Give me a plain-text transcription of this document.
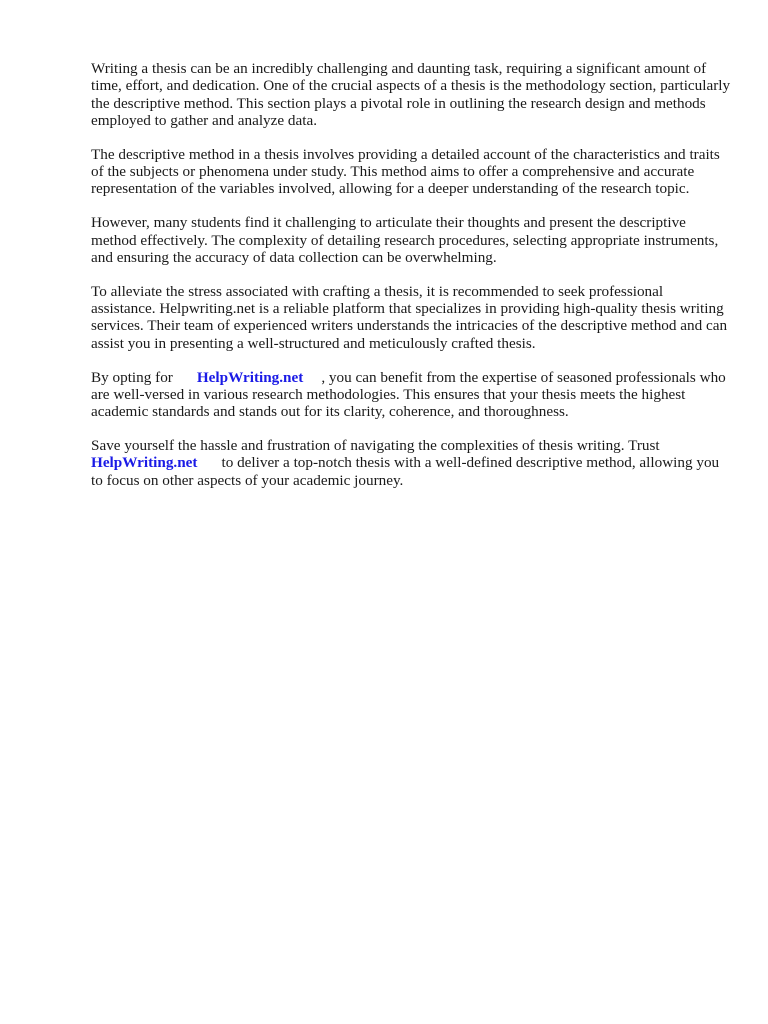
Writing a thesis can be an incredibly challenging and daunting task, requiring a significant amount of time, effort, and dedication. One of the crucial aspects of a thesis is the methodology section, particularly the descriptive method. This section plays a pivotal role in outlining the research design and methods employed to gather and analyze data.

The descriptive method in a thesis involves providing a detailed account of the characteristics and traits of the subjects or phenomena under study. This method aims to offer a comprehensive and accurate representation of the variables involved, allowing for a deeper understanding of the research topic.

However, many students find it challenging to articulate their thoughts and present the descriptive method effectively. The complexity of detailing research procedures, selecting appropriate instruments, and ensuring the accuracy of data collection can be overwhelming.

To alleviate the stress associated with crafting a thesis, it is recommended to seek professional assistance. Helpwriting.net is a reliable platform that specializes in providing high-quality thesis writing services. Their team of experienced writers understands the intricacies of the descriptive method and can assist you in presenting a well-structured and meticulously crafted thesis.

By opting for HelpWriting.net , you can benefit from the expertise of seasoned professionals who are well-versed in various research methodologies. This ensures that your thesis meets the highest academic standards and stands out for its clarity, coherence, and thoroughness.

Save yourself the hassle and frustration of navigating the complexities of thesis writing. Trust HelpWriting.net to deliver a top-notch thesis with a well-defined descriptive method, allowing you to focus on other aspects of your academic journey.
